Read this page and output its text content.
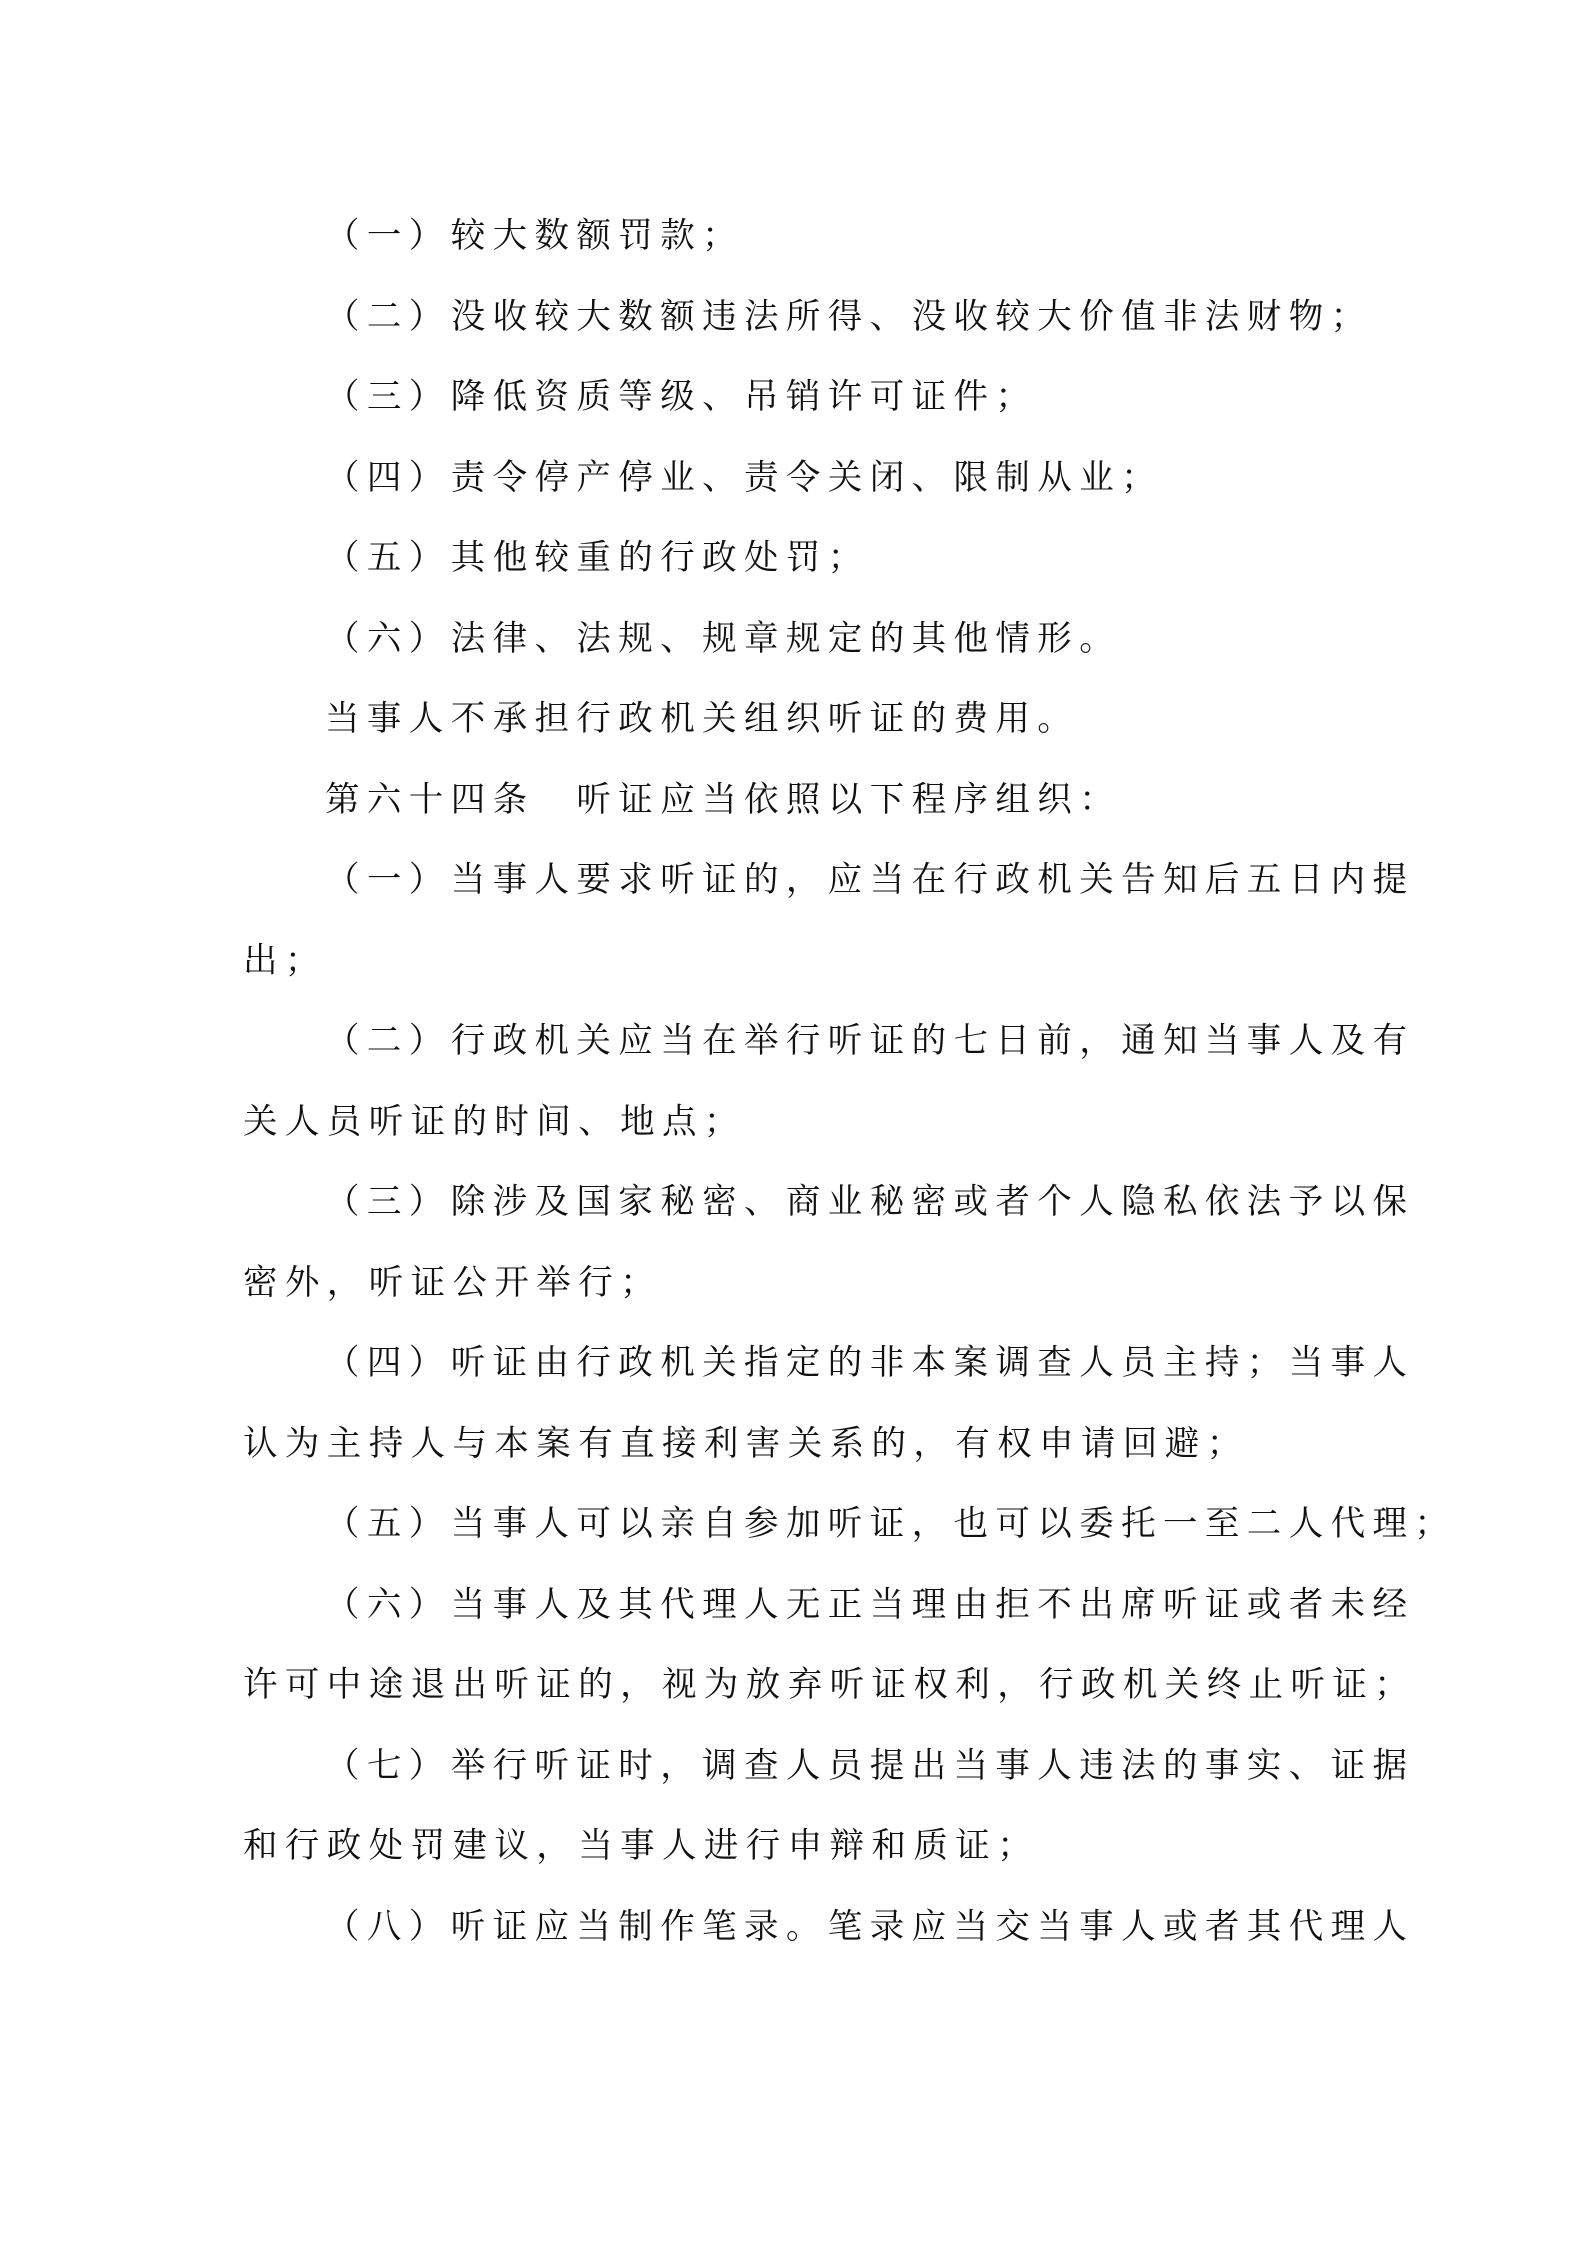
（一）较大数额罚款；
（二）没收较大数额违法所得、没收较大价值非法财物；
（三）降低资质等级、吊销许可证件；
（四）责令停产停业、责令关闭、限制从业；
（五）其他较重的行政处罚；
（六）法律、法规、规章规定的其他情形。
当事人不承担行政机关组织听证的费用。
第六十四条　听证应当依照以下程序组织：
（一）当事人要求听证的，应当在行政机关告知后五日内提
出；
（二）行政机关应当在举行听证的七日前，通知当事人及有
关人员听证的时间、地点；
（三）除涉及国家秘密、商业秘密或者个人隐私依法予以保
密外，听证公开举行；
（四）听证由行政机关指定的非本案调查人员主持；当事人
认为主持人与本案有直接利害关系的，有权申请回避；
（五）当事人可以亲自参加听证，也可以委托一至二人代理；
（六）当事人及其代理人无正当理由拒不出席听证或者未经
许可中途退出听证的，视为放弃听证权利，行政机关终止听证；
（七）举行听证时，调查人员提出当事人违法的事实、证据
和行政处罚建议，当事人进行申辩和质证；
（八）听证应当制作笔录。笔录应当交当事人或者其代理人
